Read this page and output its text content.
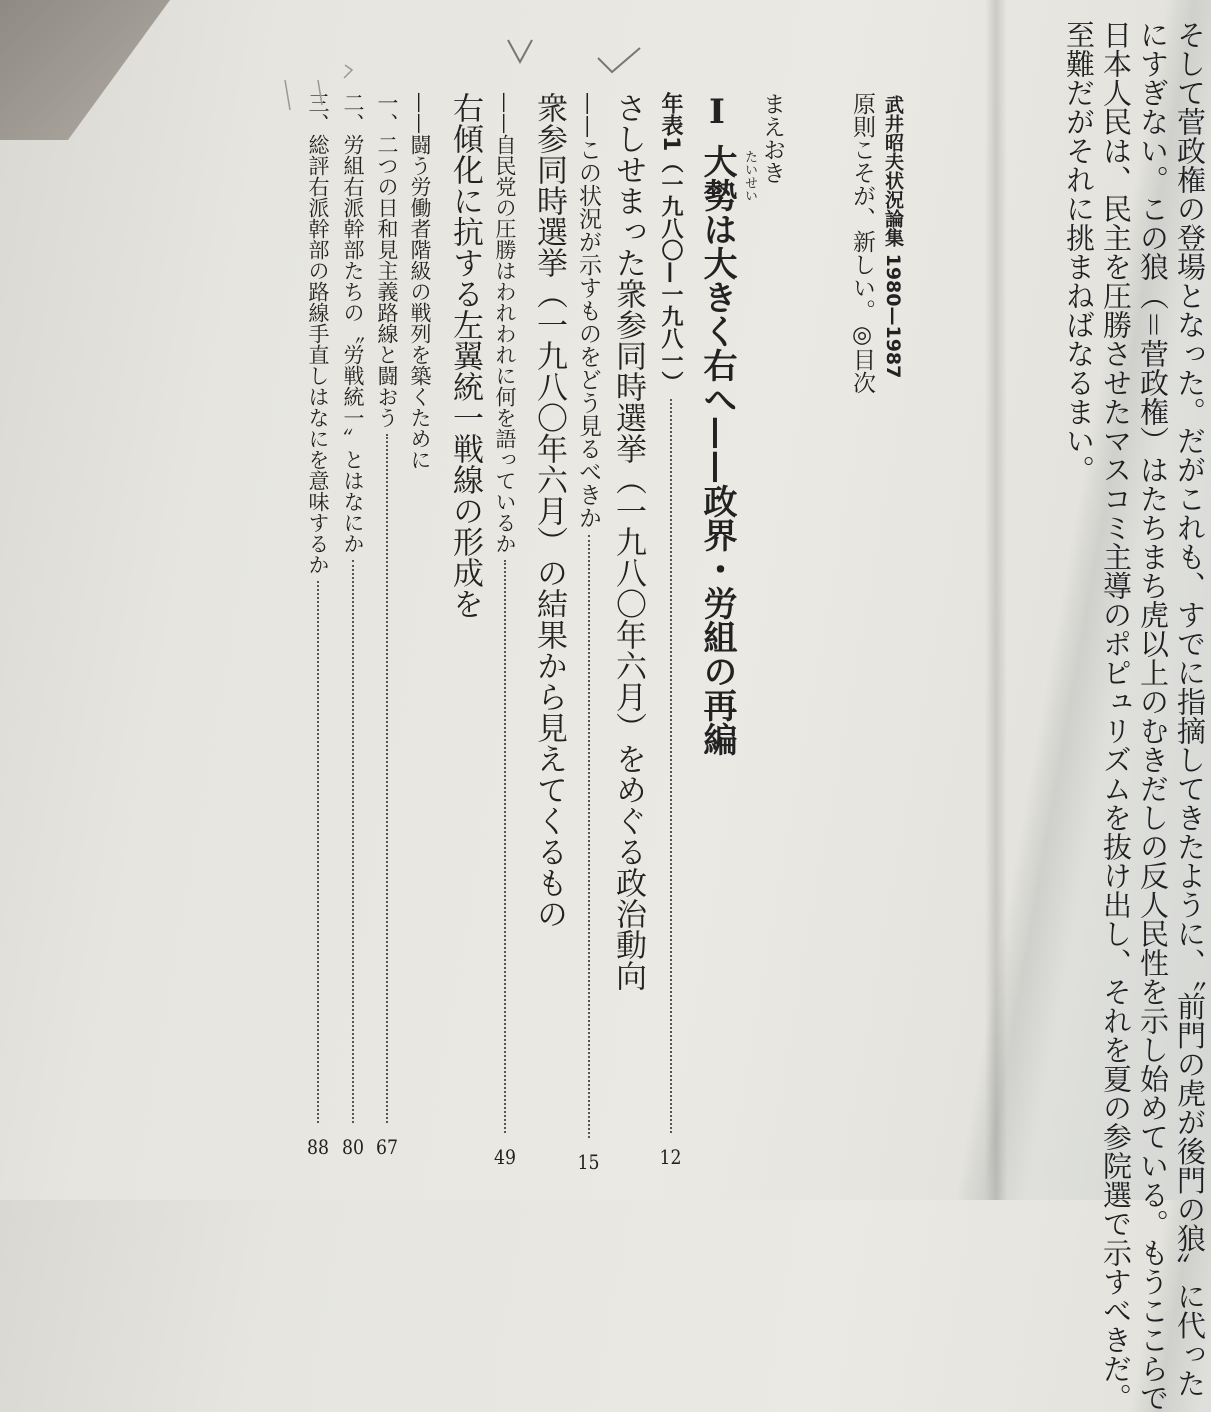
武井昭夫状況論集 1980—1987
原則こそが、新しい。◎目次
まえおき
たいせい
Ⅰ 大勢は大きく右へ——政界・労組の再編
年表1（一九八〇—一九八一）
12
さしせまった衆参同時選挙（一九八〇年六月）をめぐる政治動向
——この状況が示すものをどう見るべきか
15
衆参同時選挙（一九八〇年六月）の結果から見えてくるもの
——自民党の圧勝はわれわれに何を語っているか
49
右傾化に抗する左翼統一戦線の形成を
——闘う労働者階級の戦列を築くために
一、二つの日和見主義路線と闘おう
67
二、労組右派幹部たちの〝労戦統一〟とはなにか
80
三、総評右派幹部の路線手直しはなにを意味するか
88	そして菅政権の登場となった。だがこれも、すでに指摘してきたように、〝前門の虎が後門の狼〟に代った
にすぎない。この狼（＝菅政権）はたちまち虎以上のむきだしの反人民性を示し始めている。もうここらで
日本人民は、民主を圧勝させたマスコミ主導のポピュリズムを抜け出し、それを夏の参院選で示すべきだ。
至難だがそれに挑まねばなるまい。
